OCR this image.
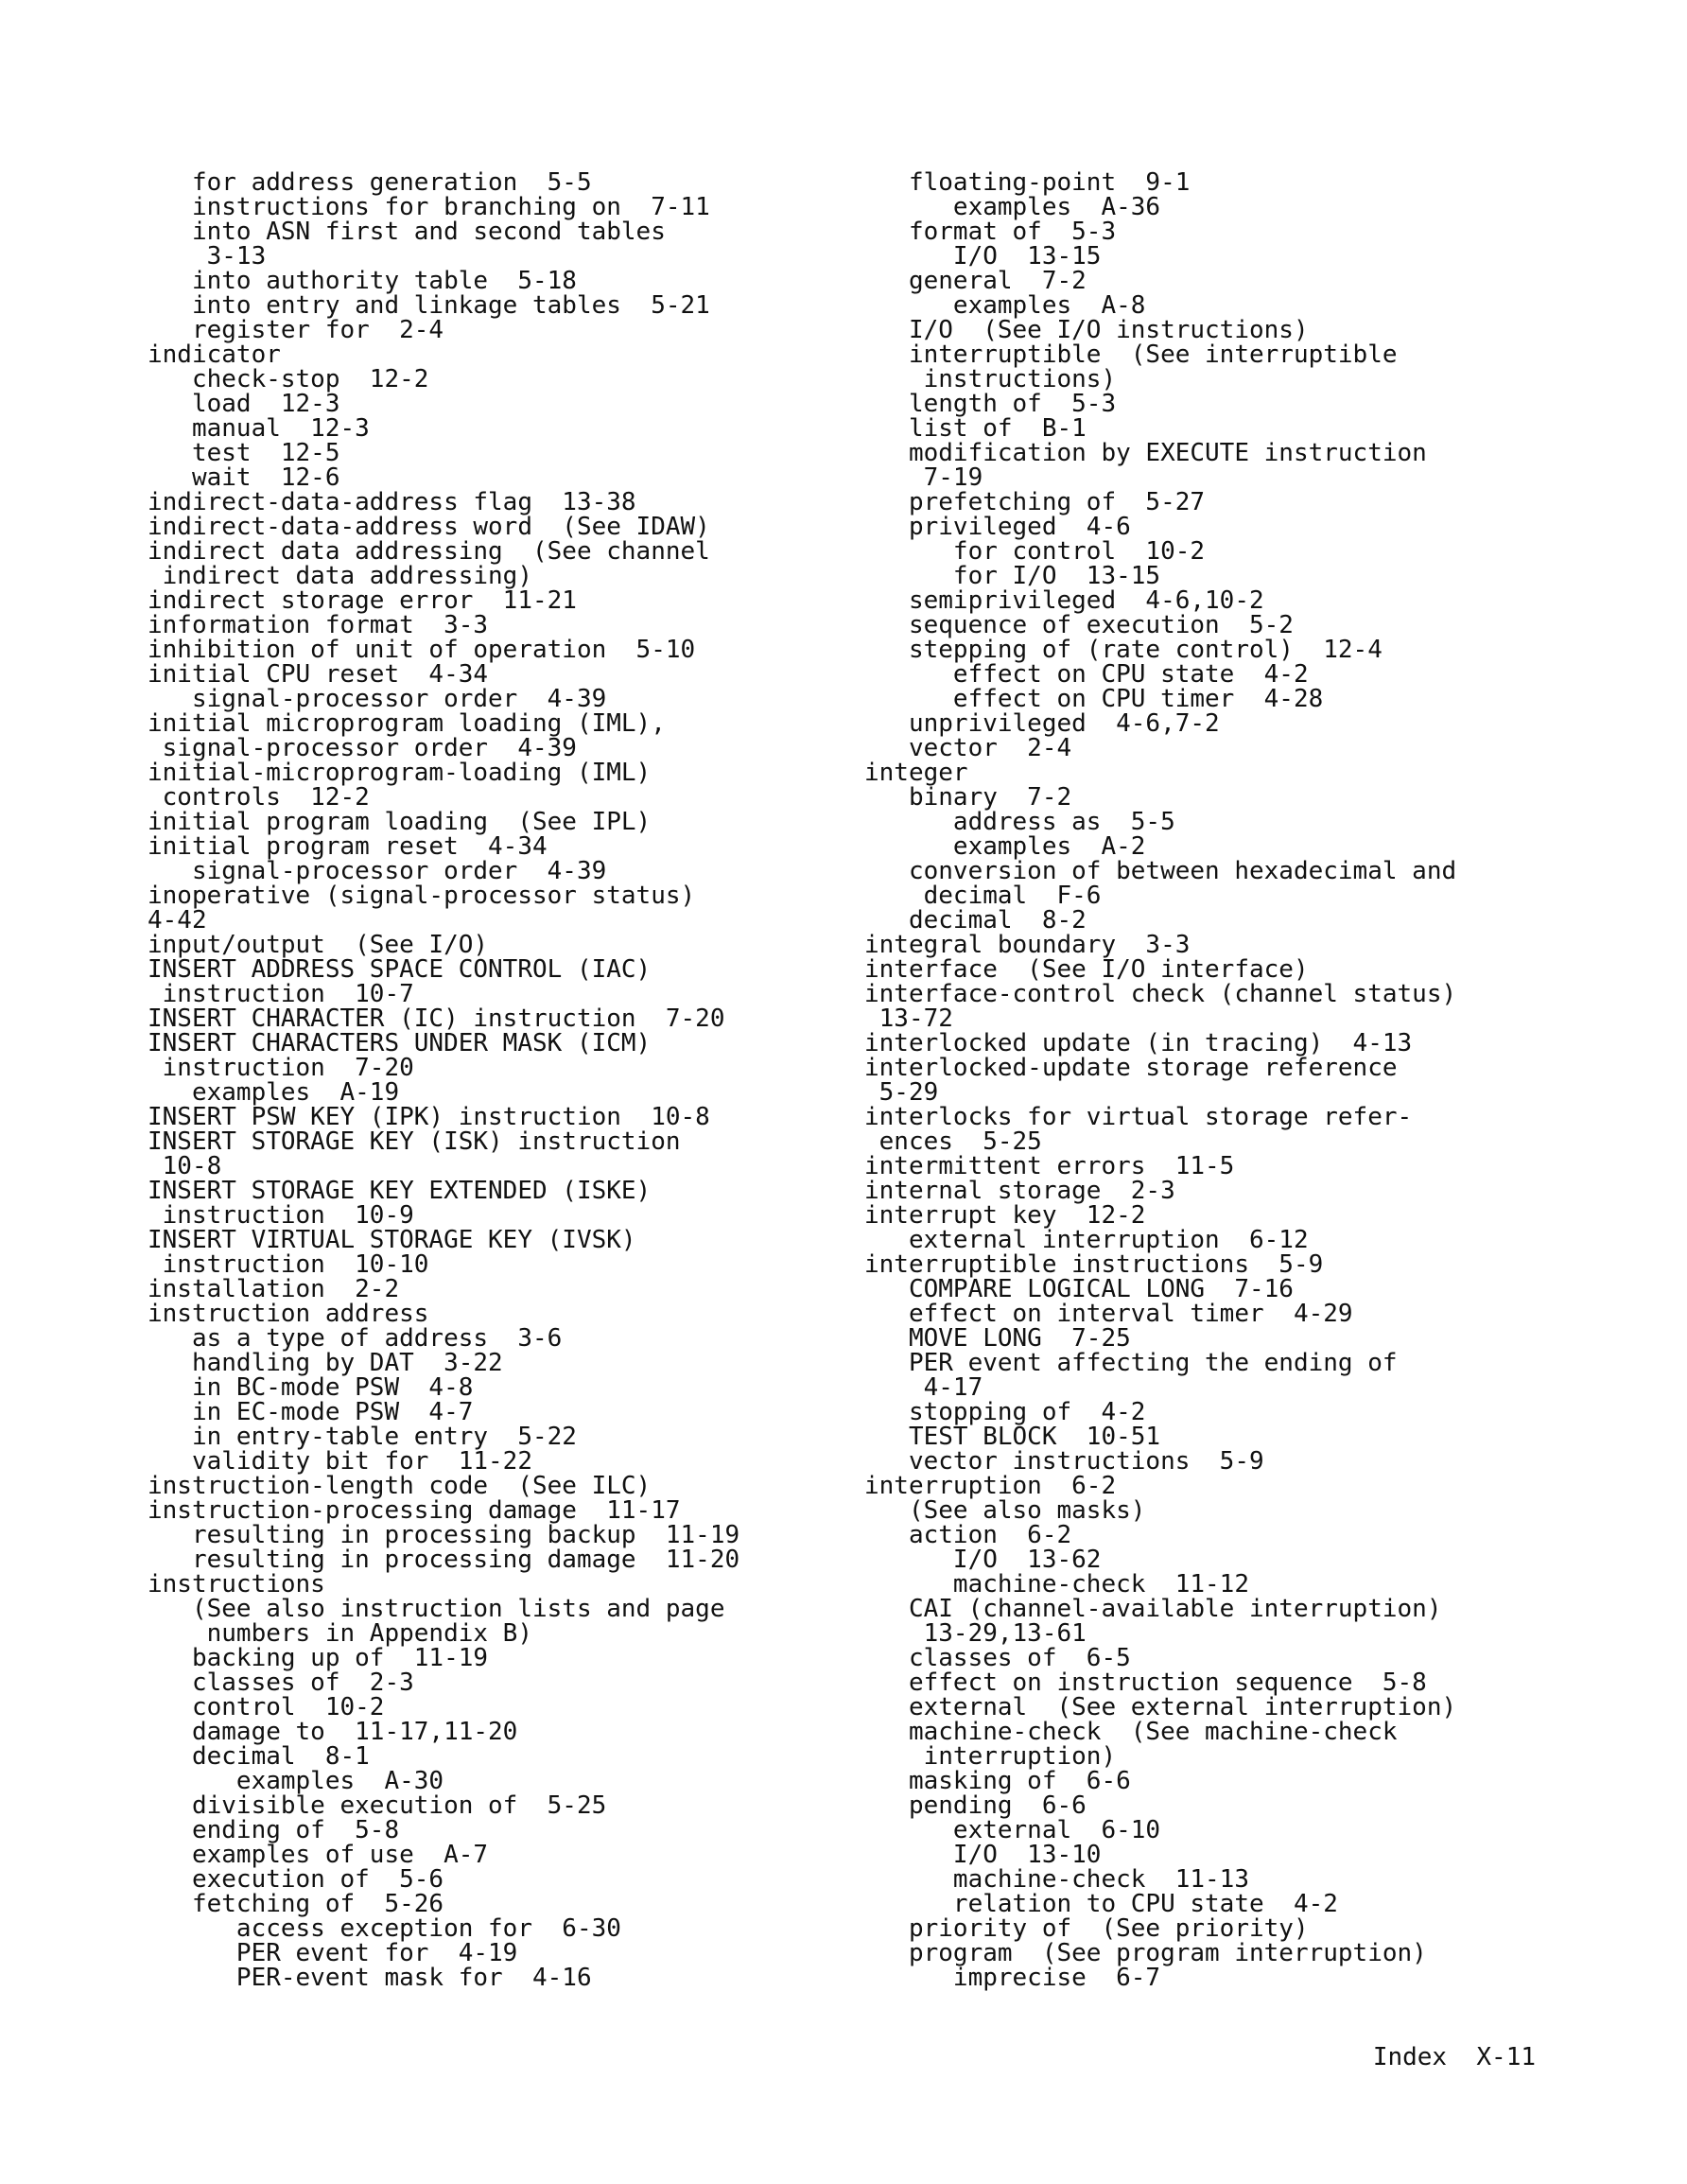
for address generation  5-5
instructions for branching on  7-11
into ASN first and second tables
3-13
into authority table  5-18
into entry and linkage tables  5-21
register for  2-4
indicator
check-stop  12-2
load  12-3
manual  12-3
test  12-5
wait  12-6
indirect-data-address flag  13-38
indirect-data-address word  (See IDAW)
indirect data addressing  (See channel
indirect data addressing)
indirect storage error  11-21
information format  3-3
inhibition of unit of operation  5-10
initial CPU reset  4-34
signal-processor order  4-39
initial microprogram loading (IML),
signal-processor order  4-39
initial-microprogram-loading (IML)
controls  12-2
initial program loading  (See IPL)
initial program reset  4-34
signal-processor order  4-39
inoperative (signal-processor status)
4-42
input/output  (See I/O)
INSERT ADDRESS SPACE CONTROL (IAC)
instruction  10-7
INSERT CHARACTER (IC) instruction  7-20
INSERT CHARACTERS UNDER MASK (ICM)
instruction  7-20
examples  A-19
INSERT PSW KEY (IPK) instruction  10-8
INSERT STORAGE KEY (ISK) instruction
10-8
INSERT STORAGE KEY EXTENDED (ISKE)
instruction  10-9
INSERT VIRTUAL STORAGE KEY (IVSK)
instruction  10-10
installation  2-2
instruction address
as a type of address  3-6
handling by DAT  3-22
in BC-mode PSW  4-8
in EC-mode PSW  4-7
in entry-table entry  5-22
validity bit for  11-22
instruction-length code  (See ILC)
instruction-processing damage  11-17
resulting in processing backup  11-19
resulting in processing damage  11-20
instructions
(See also instruction lists and page
numbers in Appendix B)
backing up of  11-19
classes of  2-3
control  10-2
damage to  11-17,11-20
decimal  8-1
examples  A-30
divisible execution of  5-25
ending of  5-8
examples of use  A-7
execution of  5-6
fetching of  5-26
access exception for  6-30
PER event for  4-19
PER-event mask for  4-16
floating-point  9-1
examples  A-36
format of  5-3
I/O  13-15
general  7-2
examples  A-8
I/O  (See I/O instructions)
interruptible  (See interruptible
instructions)
length of  5-3
list of  B-1
modification by EXECUTE instruction
7-19
prefetching of  5-27
privileged  4-6
for control  10-2
for I/O  13-15
semiprivileged  4-6,10-2
sequence of execution  5-2
stepping of (rate control)  12-4
effect on CPU state  4-2
effect on CPU timer  4-28
unprivileged  4-6,7-2
vector  2-4
integer
binary  7-2
address as  5-5
examples  A-2
conversion of between hexadecimal and
decimal  F-6
decimal  8-2
integral boundary  3-3
interface  (See I/O interface)
interface-control check (channel status)
13-72
interlocked update (in tracing)  4-13
interlocked-update storage reference
5-29
interlocks for virtual storage refer-
ences  5-25
intermittent errors  11-5
internal storage  2-3
interrupt key  12-2
external interruption  6-12
interruptible instructions  5-9
COMPARE LOGICAL LONG  7-16
effect on interval timer  4-29
MOVE LONG  7-25
PER event affecting the ending of
4-17
stopping of  4-2
TEST BLOCK  10-51
vector instructions  5-9
interruption  6-2
(See also masks)
action  6-2
I/O  13-62
machine-check  11-12
CAI (channel-available interruption)
13-29,13-61
classes of  6-5
effect on instruction sequence  5-8
external  (See external interruption)
machine-check  (See machine-check
interruption)
masking of  6-6
pending  6-6
external  6-10
I/O  13-10
machine-check  11-13
relation to CPU state  4-2
priority of  (See priority)
program  (See program interruption)
imprecise  6-7
Index  X-11
